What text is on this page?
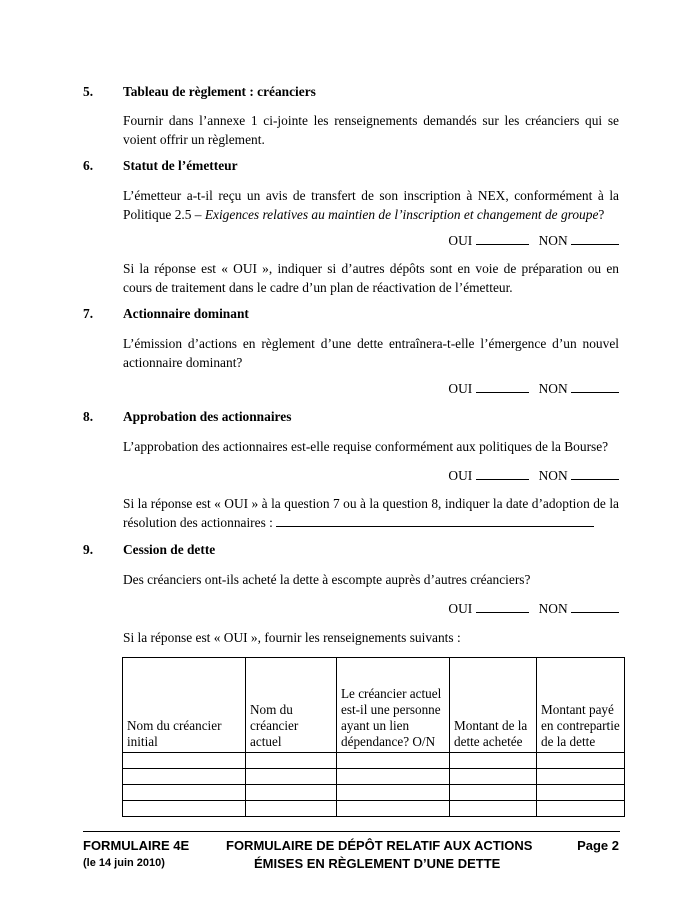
5. Tableau de règlement : créanciers
Fournir dans l’annexe 1 ci-jointe les renseignements demandés sur les créanciers qui se voient offrir un règlement.
6. Statut de l’émetteur
L’émetteur a-t-il reçu un avis de transfert de son inscription à NEX, conformément à la Politique 2.5 – Exigences relatives au maintien de l’inscription et changement de groupe?
OUI	NON
Si la réponse est « OUI », indiquer si d’autres dépôts sont en voie de préparation ou en cours de traitement dans le cadre d’un plan de réactivation de l’émetteur.
7. Actionnaire dominant
L’émission d’actions en règlement d’une dette entraînera-t-elle l’émergence d’un nouvel actionnaire dominant?
OUI	NON
8. Approbation des actionnaires
L’approbation des actionnaires est-elle requise conformément aux politiques de la Bourse?
OUI	NON
Si la réponse est « OUI » à la question 7 ou à la question 8, indiquer la date d’adoption de la résolution des actionnaires :
9. Cession de dette
Des créanciers ont-ils acheté la dette à escompte auprès d’autres créanciers?
OUI	NON
Si la réponse est « OUI », fournir les renseignements suivants :
Nom du créancier initial	Nom du créancier actuel	Le créancier actuel est-il une personne ayant un lien dépendance? O/N	Montant de la dette achetée	Montant payé en contrepartie de la dette

FORMULAIRE 4E
(le 14 juin 2010)
FORMULAIRE DE DÉPÔT RELATIF AUX ACTIONS
ÉMISES EN RÈGLEMENT D’UNE DETTE
Page 2
